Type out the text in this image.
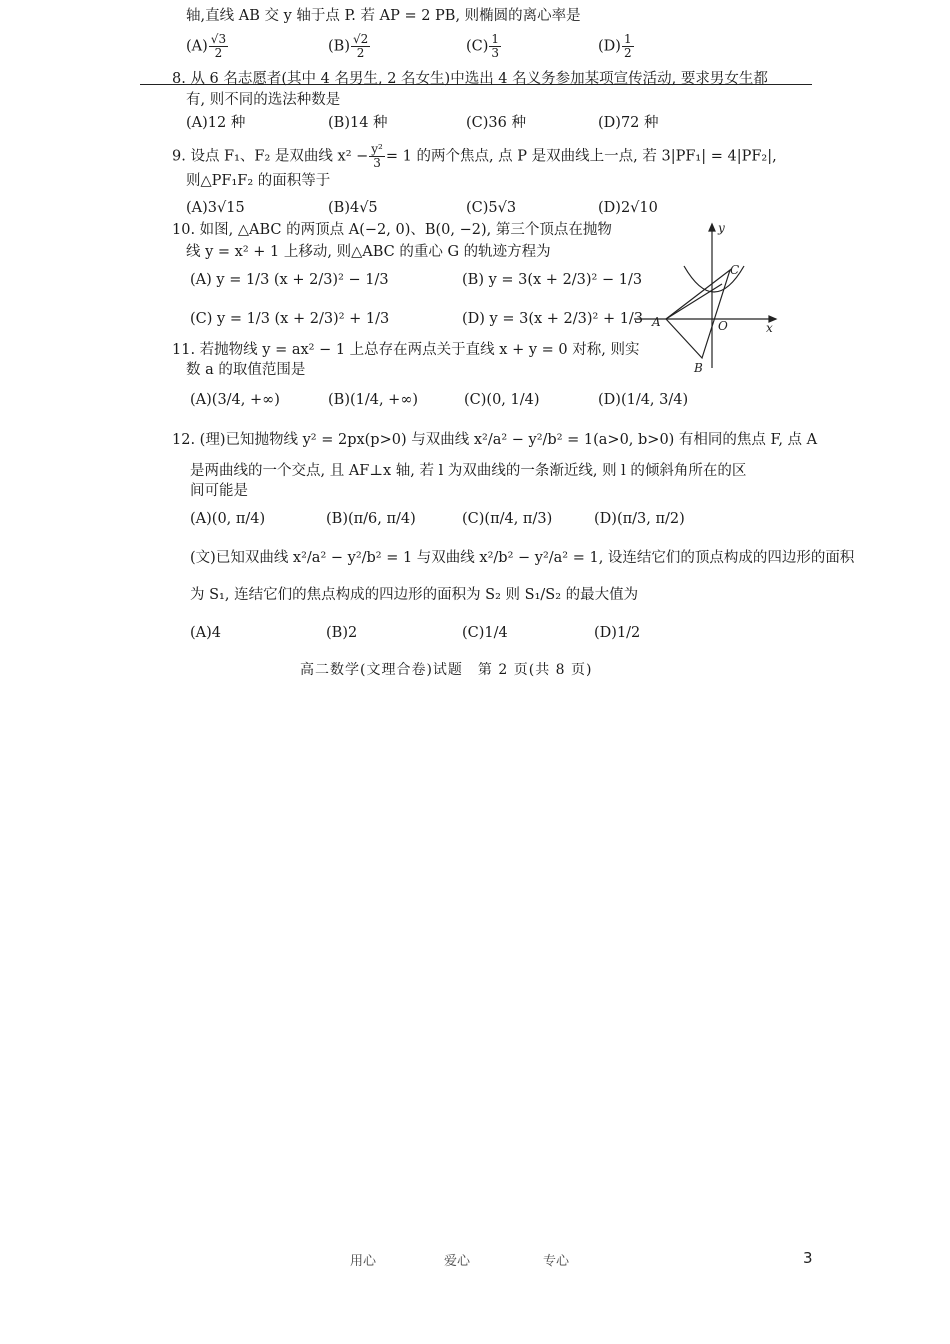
轴,直线 AB 交 y 轴于点 P. 若 AP = 2 PB, 则椭圆的离心率是
$(A) \frac{√3}{2}$	$(B) \frac{√2}{2}$	$(C) \frac{1}{3}$	$(D) \frac{1}{2}$
8. 从 6 名志愿者(其中 4 名男生, 2 名女生)中选出 4 名义务参加某项宣传活动, 要求男女生都
有, 则不同的选法种数是
(A)12 种	(B)14 种	(C)36 种	(D)72 种
9. 设点 F₁、F₂ 是双曲线 $x^2 - \frac{\text{y²}}{3} = 1$ 的两个焦点, 点 P 是双曲线上一点, 若 3|PF₁| = 4|PF₂|,
则△PF₁F₂ 的面积等于
(A)3√15	(B)4√5	(C)5√3	(D)2√10
10. 如图, △ABC 的两顶点 A(−2, 0)、B(0, −2), 第三个顶点在抛物
线 y = x² + 1 上移动, 则△ABC 的重心 G 的轨迹方程为
(A) y = 1/3 (x + 2/3)² − 1/3	(B) y = 3(x + 2/3)² − 1/3
(C) y = 1/3 (x + 2/3)² + 1/3	(D) y = 3(x + 2/3)² + 1/3
y
x
A	O
B
C
11. 若抛物线 y = ax² − 1 上总存在两点关于直线 x + y = 0 对称, 则实
数 a 的取值范围是
(A)(3/4, +∞)	(B)(1/4, +∞)	(C)(0, 1/4)	(D)(1/4, 3/4)
12. (理)已知抛物线 y² = 2px(p>0) 与双曲线 x²/a² − y²/b² = 1(a>0, b>0) 有相同的焦点 F, 点 A
是两曲线的一个交点, 且 AF⊥x 轴, 若 l 为双曲线的一条渐近线, 则 l 的倾斜角所在的区
间可能是
(A)(0, π/4)	(B)(π/6, π/4)	(C)(π/4, π/3)	(D)(π/3, π/2)
(文)已知双曲线 x²/a² − y²/b² = 1 与双曲线 x²/b² − y²/a² = 1, 设连结它们的顶点构成的四边形的面积
为 S₁, 连结它们的焦点构成的四边形的面积为 S₂ 则 S₁/S₂ 的最大值为
(A)4	(B)2	(C)1/4	(D)1/2
高二数学(文理合卷)试题　第 2 页(共 8 页)
用心	爱心	专心	3
